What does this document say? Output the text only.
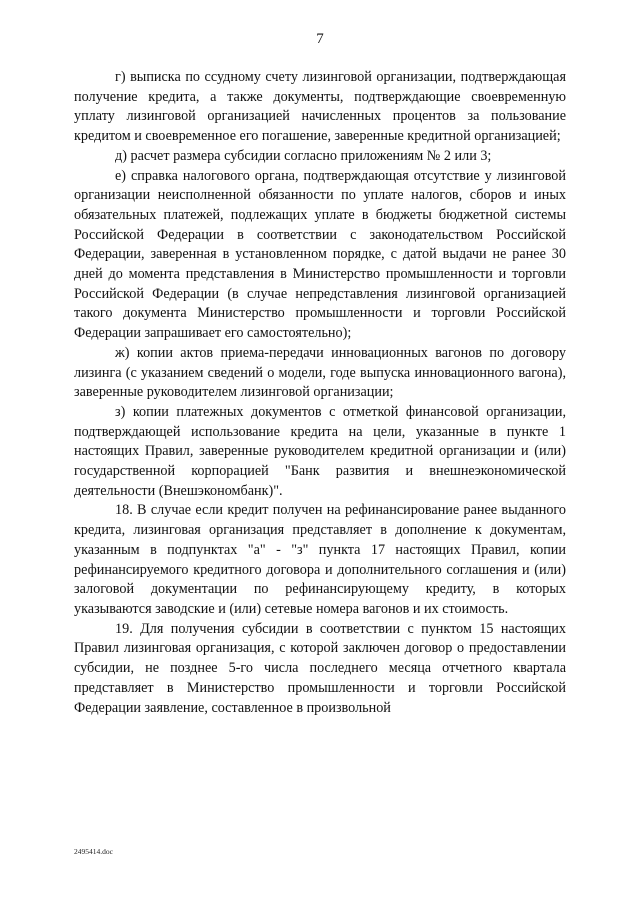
7

г) выписка по ссудному счету лизинговой организации, подтверждающая получение кредита, а также документы, подтверждающие своевременную уплату лизинговой организацией начисленных процентов за пользование кредитом и своевременное его погашение, заверенные кредитной организацией;

д) расчет размера субсидии согласно приложениям № 2 или 3;

е) справка налогового органа, подтверждающая отсутствие у лизинговой организации неисполненной обязанности по уплате налогов, сборов и иных обязательных платежей, подлежащих уплате в бюджеты бюджетной системы Российской Федерации в соответствии с законодательством Российской Федерации, заверенная в установленном порядке, с датой выдачи не ранее 30 дней до момента представления в Министерство промышленности и торговли Российской Федерации (в случае непредставления лизинговой организацией такого документа Министерство промышленности и торговли Российской Федерации запрашивает его самостоятельно);

ж) копии актов приема-передачи инновационных вагонов по договору лизинга (с указанием сведений о модели, годе выпуска инновационного вагона), заверенные руководителем лизинговой организации;

з) копии платежных документов с отметкой финансовой организации, подтверждающей использование кредита на цели, указанные в пункте 1 настоящих Правил, заверенные руководителем кредитной организации и (или) государственной корпорацией "Банк развития и внешнеэкономической деятельности (Внешэкономбанк)".

18. В случае если кредит получен на рефинансирование ранее выданного кредита, лизинговая организация представляет в дополнение к документам, указанным в подпунктах "а" - "з" пункта 17 настоящих Правил, копии рефинансируемого кредитного договора и дополнительного соглашения и (или) залоговой документации по рефинансирующему кредиту, в которых указываются заводские и (или) сетевые номера вагонов и их стоимость.

19. Для получения субсидии в соответствии с пунктом 15 настоящих Правил лизинговая организация, с которой заключен договор о предоставлении субсидии, не позднее 5-го числа последнего месяца отчетного квартала представляет в Министерство промышленности и торговли Российской Федерации заявление, составленное в произвольной

2495414.doc
